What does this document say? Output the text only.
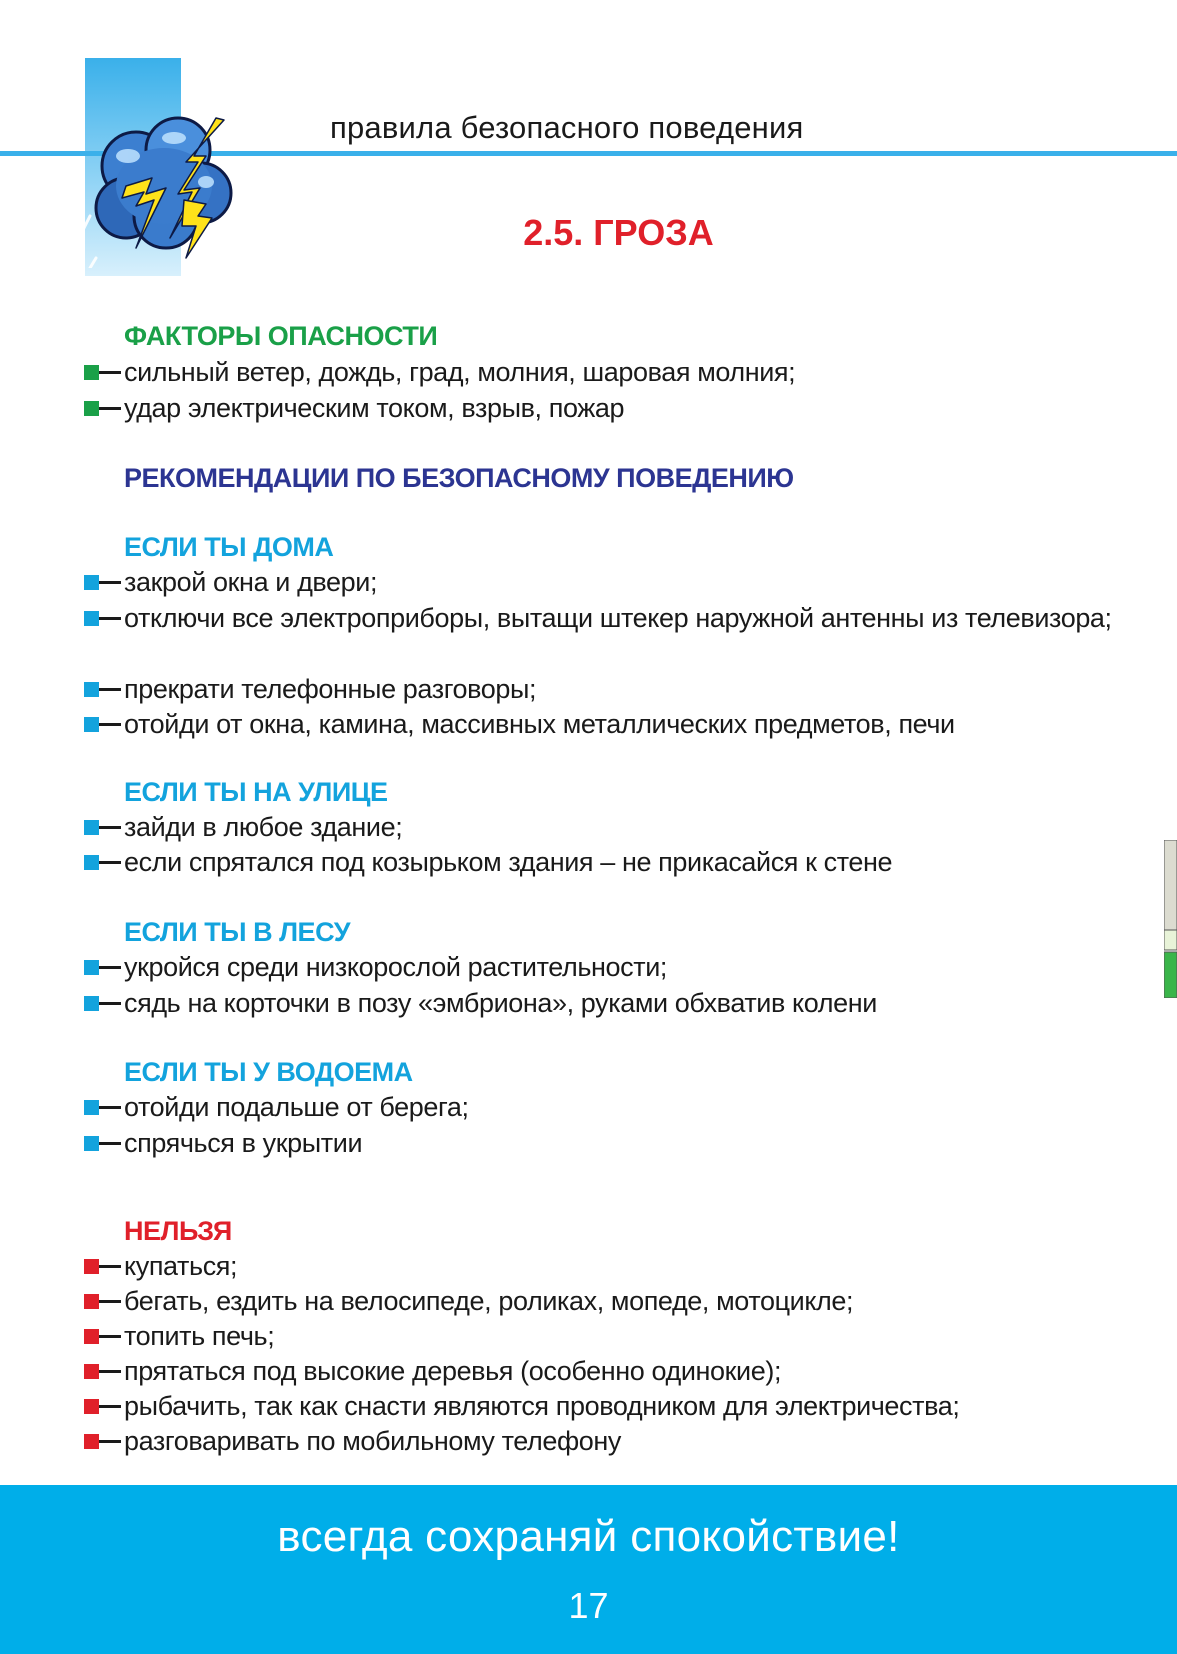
правила безопасного поведения
2.5. ГРОЗА
ФАКТОРЫ ОПАСНОСТИ
сильный ветер, дождь, град, молния, шаровая молния;
удар электрическим током, взрыв, пожар
РЕКОМЕНДАЦИИ ПО БЕЗОПАСНОМУ ПОВЕДЕНИЮ
ЕСЛИ ТЫ ДОМА
закрой окна и двери;
отключи все электроприборы, вытащи штекер наружной антенны из телевизора;
прекрати телефонные разговоры;
отойди от окна, камина, массивных металлических предметов, печи
ЕСЛИ ТЫ НА УЛИЦЕ
зайди в любое здание;
если спрятался под козырьком здания – не прикасайся к стене
ЕСЛИ ТЫ В ЛЕСУ
укройся среди низкорослой растительности;
сядь на корточки в позу «эмбриона», руками обхватив колени
ЕСЛИ ТЫ У ВОДОЕМА
отойди подальше от берега;
спрячься в укрытии
НЕЛЬЗЯ
купаться;
бегать, ездить на велосипеде, роликах, мопеде, мотоцикле;
топить печь;
прятаться под высокие деревья (особенно одинокие);
рыбачить, так как снасти являются проводником для электричества;
разговаривать по мобильному телефону
всегда сохраняй спокойствие!
17
